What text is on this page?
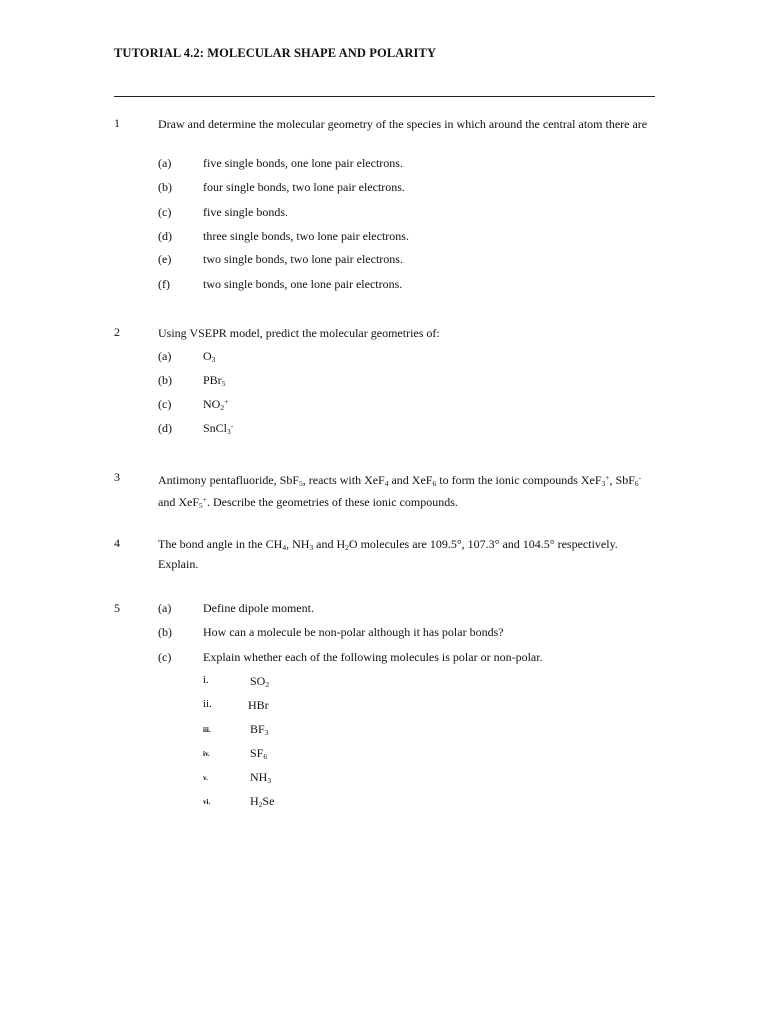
TUTORIAL 4.2: MOLECULAR SHAPE AND POLARITY
1	Draw and determine the molecular geometry of the species in which around the central atom there are
(a)	five single bonds, one lone pair electrons.
(b)	four single bonds, two lone pair electrons.
(c)	five single bonds.
(d)	three single bonds, two lone pair electrons.
(e)	two single bonds, two lone pair electrons.
(f)	two single bonds, one lone pair electrons.
2	Using VSEPR model, predict the molecular geometries of:
(a)	$O_3$
(b)	PBr$_5$
(c)	$NO_2^+$
(d)	SnCl$_3$-
3	Antimony pentafluoride, SbF$_5$, reacts with XeF$_4$ and XeF$_6$ to form the ionic compounds XeF$_3$+, SbF$_6$- and XeF$_5$+. Describe the geometries of these ionic compounds.
4	The bond angle in the $CH_4$, $NH_3$ and $H_2O$ molecules are 109.5°, 107.3° and 104.5° respectively. Explain.
5	(a)	Define dipole moment.
(b)	How can a molecule be non-polar although it has polar bonds?
(c)	Explain whether each of the following molecules is polar or non-polar.
i.	$SO_2$
ii.	HBr
iii.	$BF_3$
iv.	$SF_6$
v.	$NH_3$
vi.	$H_2Se$
